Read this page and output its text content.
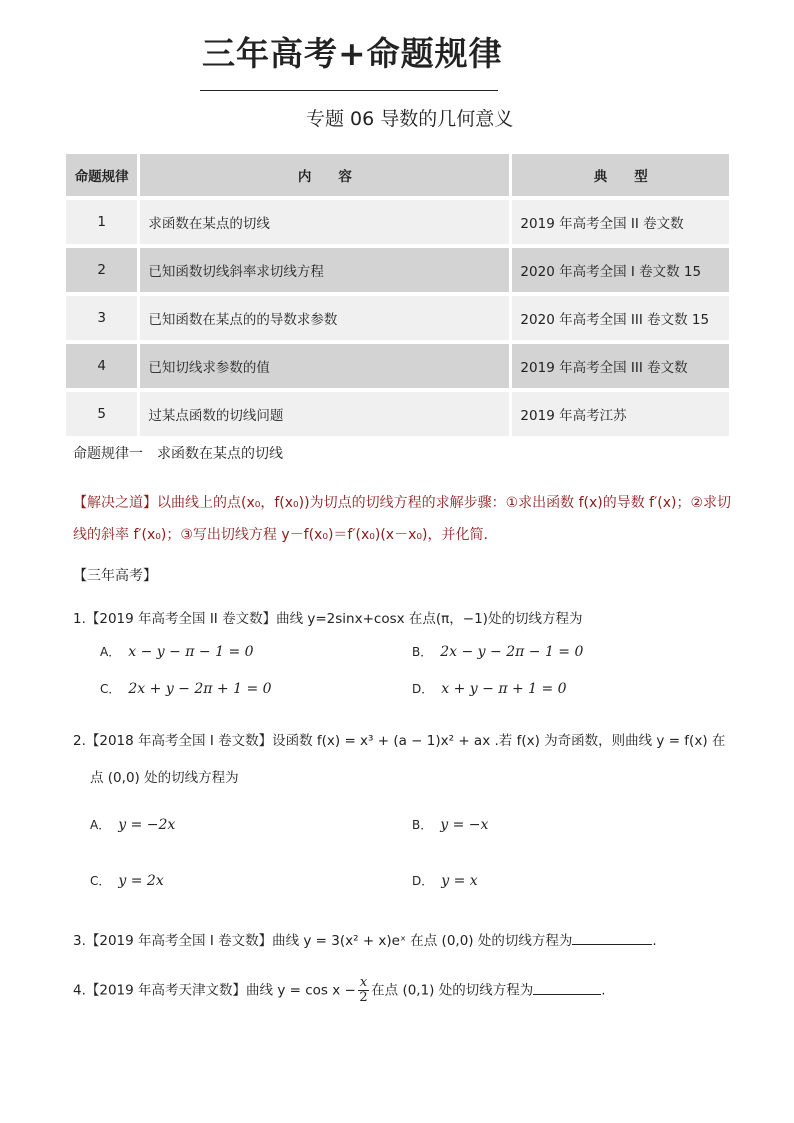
三年高考+命题规律
专题 06 导数的几何意义
命题规律	内　　容	典　　型
1	求函数在某点的切线	2019 年高考全国 II 卷文数
2	已知函数切线斜率求切线方程	2020 年高考全国 I 卷文数 15
3	已知函数在某点的的导数求参数	2020 年高考全国 III 卷文数 15
4	已知切线求参数的值	2019 年高考全国 III 卷文数
5	过某点函数的切线问题	2019 年高考江苏
命题规律一　求函数在某点的切线
【解决之道】以曲线上的点(x₀，f(x₀))为切点的切线方程的求解步骤：①求出函数 f(x)的导数 f′(x)；②求切
线的斜率 f′(x₀)；③写出切线方程 y－f(x₀)＝f′(x₀)(x－x₀)，并化简．
【三年高考】
1.【2019 年高考全国 II 卷文数】曲线 y=2sinx+cosx 在点(π，−1)处的切线方程为
A． x − y − π − 1 = 0	B． 2x − y − 2π − 1 = 0
C． 2x + y − 2π + 1 = 0	D． x + y − π + 1 = 0
2.【2018 年高考全国 I 卷文数】设函数 f(x) = x³ + (a − 1)x² + ax .若 f(x) 为奇函数，则曲线 y = f(x) 在
点 (0,0) 处的切线方程为
A． y = −2x	B． y = −x
C． y = 2x	D． y = x
3.【2019 年高考全国 I 卷文数】曲线 y = 3(x² + x)eˣ 在点 (0,0) 处的切线方程为	.
4.【2019 年高考天津文数】曲线 $y = \cos x - \frac{x}{2}$ 在点 (0,1) 处的切线方程为	.
